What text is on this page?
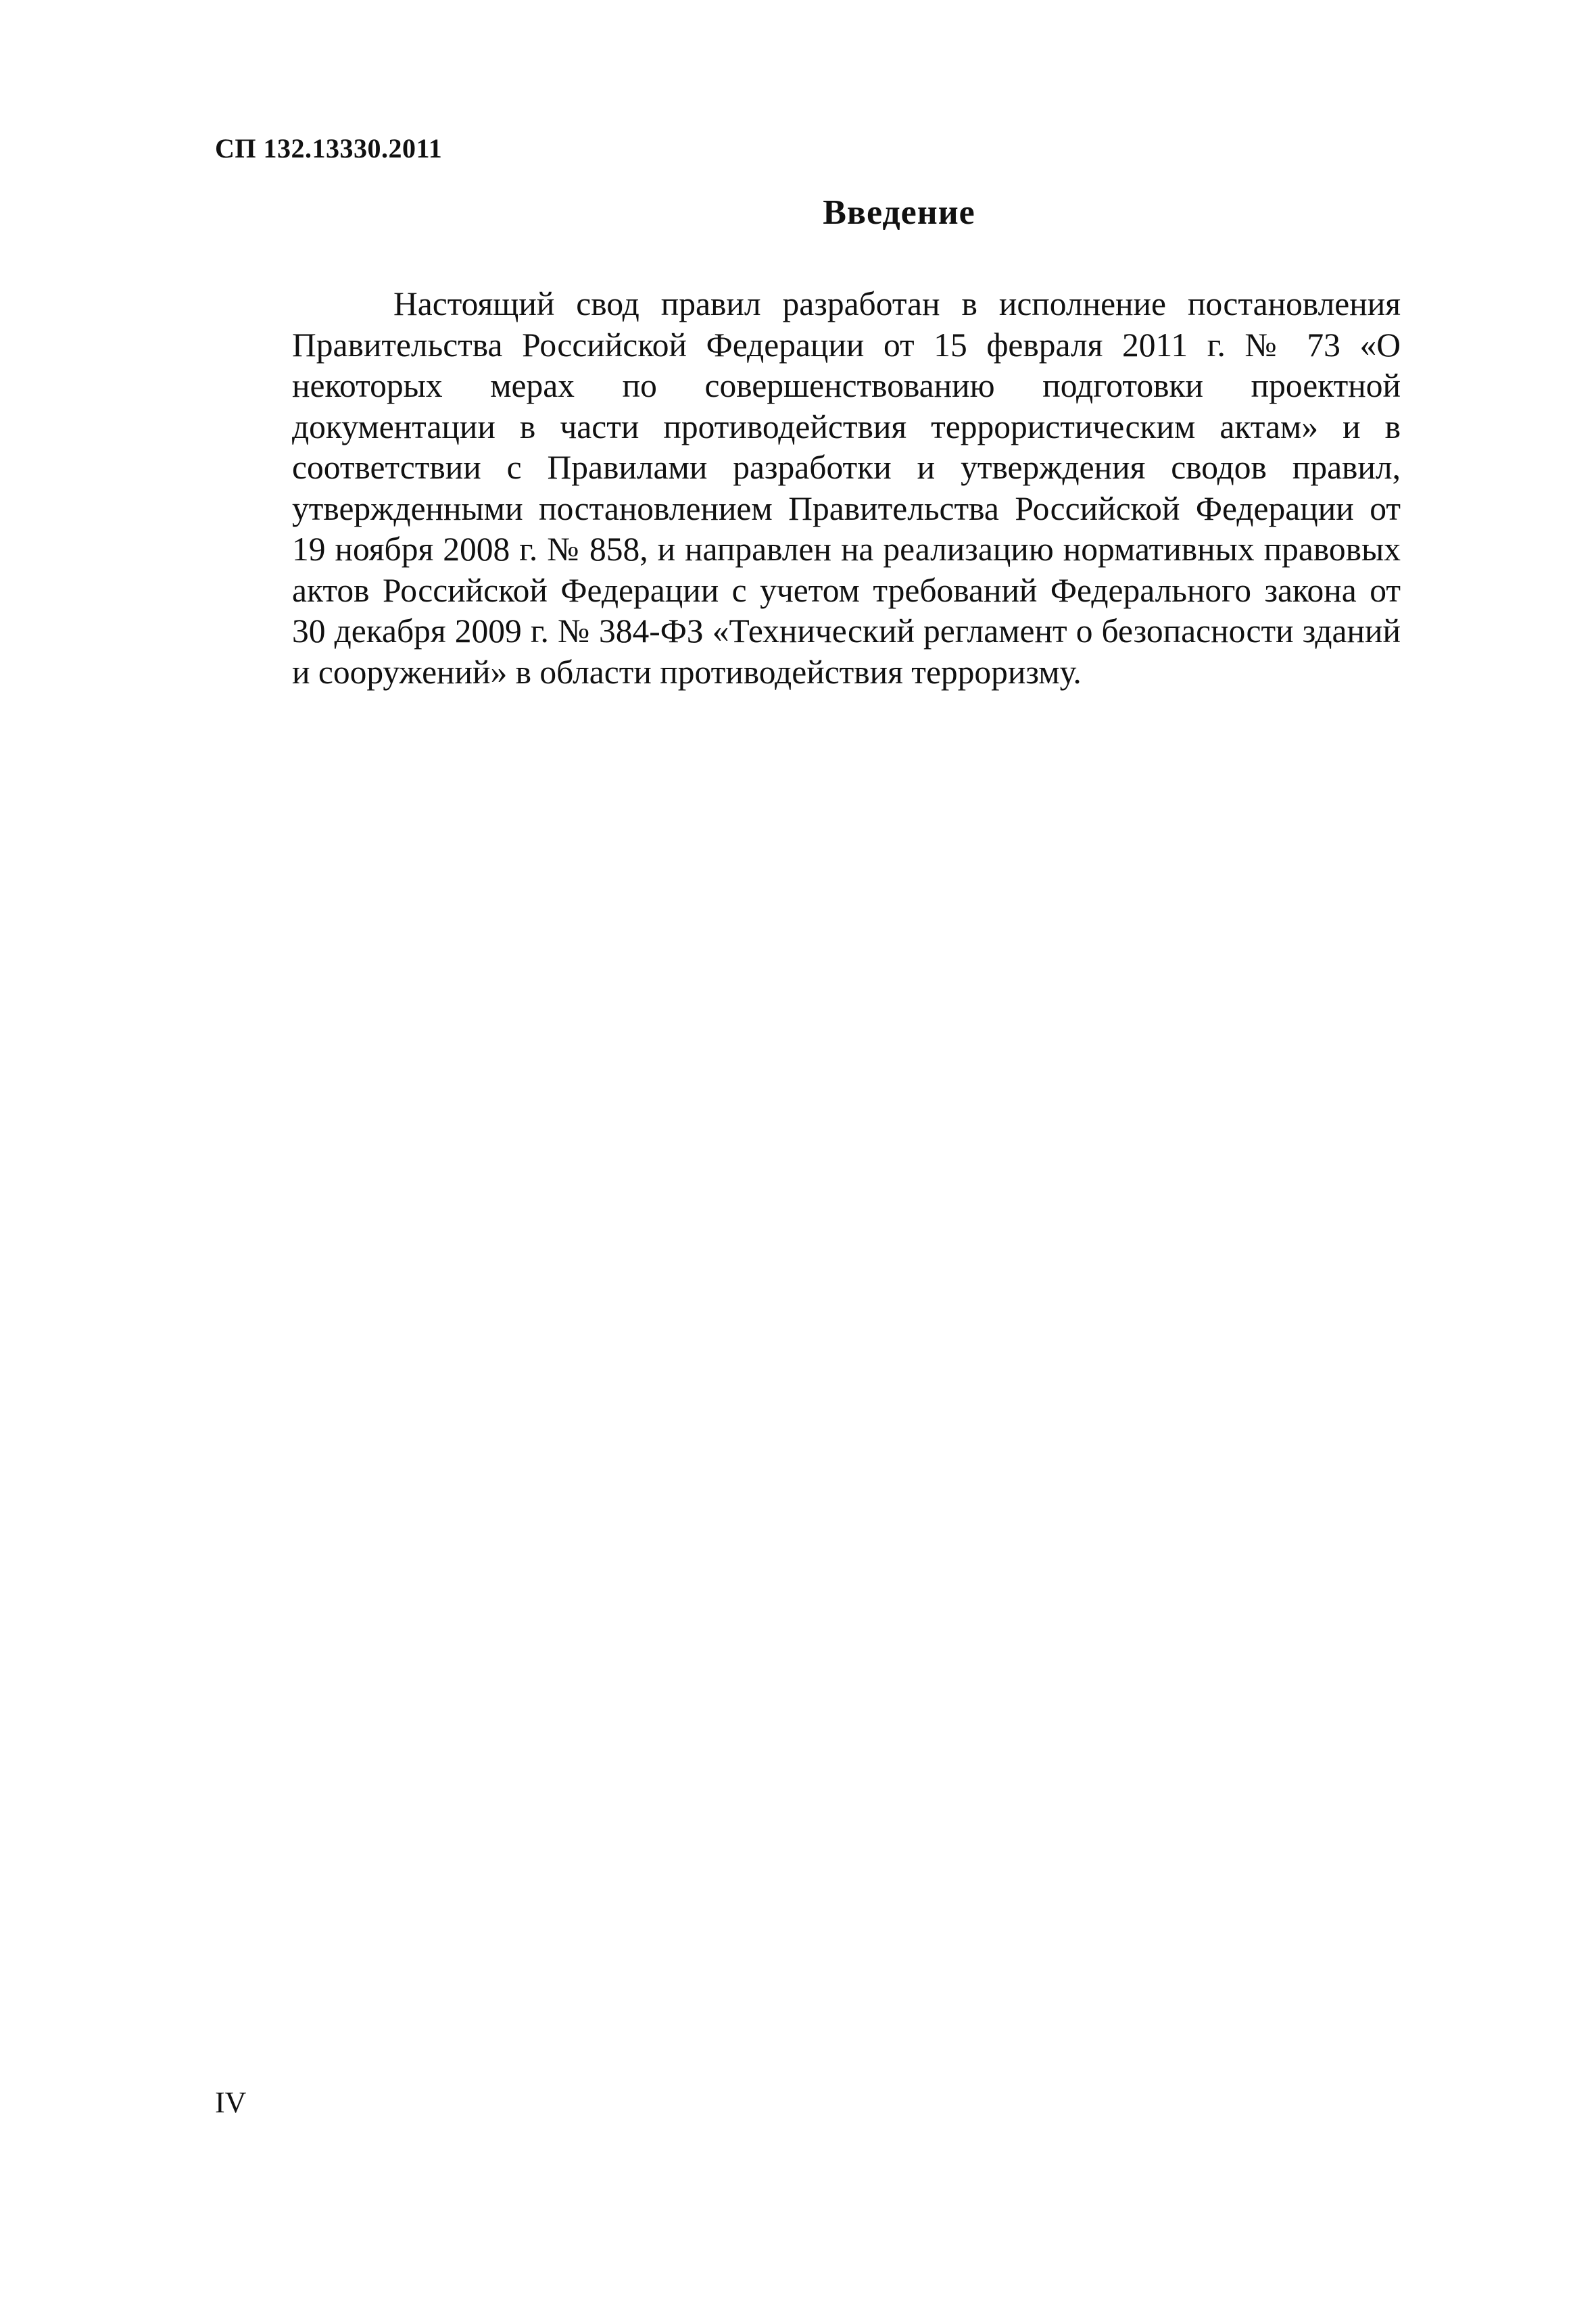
СП 132.13330.2011
Введение

Настоящий свод правил разработан в исполнение постановления Правительства Российской Федерации от 15 февраля 2011 г. № 73 «О некоторых мерах по совершенствованию подготовки проектной документации в части противодействия террористическим актам» и в соответствии с Правилами разработки и утверждения сводов правил, утвержденными постановлением Правительства Российской Федерации от 19 ноября 2008 г. № 858, и направлен на реализацию нормативных правовых актов Российской Федерации с учетом требований Федерального закона от 30 декабря 2009 г. № 384-ФЗ «Технический регламент о безопасности зданий и сооружений» в области противодействия терроризму.

IV
